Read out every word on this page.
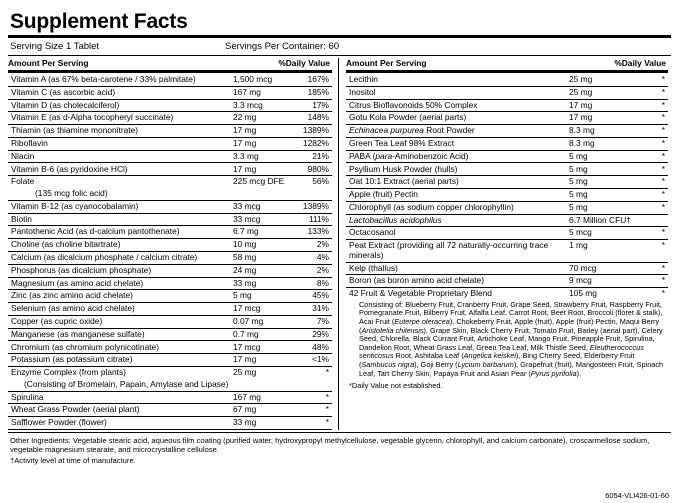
Supplement Facts
Serving Size 1 Tablet	Servings Per Container: 60
Amount Per Serving	%Daily Value
Vitamin A (as 67% beta-carotene / 33% palmitate)	1,500 mcg	167%
Vitamin C (as ascorbic acid)	167 mg	185%
Vitamin D (as cholecalciferol)	3.3 mcg	17%
Vitamin E (as d-Alpha tocopheryl succinate)	22 mg	148%
Thiamin (as thiamine mononitrate)	17 mg	1389%
Riboflavin	17 mg	1282%
Niacin	3.3 mg	21%
Vitamin B-6 (as pyridoxine HCl)	17 mg	980%
Folate	225 mcg DFE	56%
(135 mcg folic acid)		
Vitamin B-12 (as cyanocobalamin)	33 mcg	1389%
Biotin	33 mcg	111%
Pantothenic Acid (as d-calcium pantothenate)	6.7 mg	133%
Choline (as choline bitartrate)	10 mg	2%
Calcium (as dicalcium phosphate / calcium citrate)	58 mg	4%
Phosphorus (as dicalcium phosphate)	24 mg	2%
Magnesium (as amino acid chelate)	33 mg	8%
Zinc (as zinc amino acid chelate)	5 mg	45%
Selenium (as amino acid chelate)	17 mcg	31%
Copper (as cupric oxide)	0.07 mg	7%
Manganese (as manganese sulfate)	0.7 mg	29%
Chromium (as chromium polynicotinate)	17 mcg	48%
Potassium (as potassium citrate)	17 mg	<1%
Enzyme Complex (from plants)	25 mg	*
(Consisting of Bromelain, Papain, Amylase and Lipase)		
Spirulina	167 mg	*
Wheat Grass Powder (aerial plant)	67 mg	*
Safflower Powder (flower)	33 mg	*
Amount Per Serving	%Daily Value
Lecithin	25 mg	*
Inositol	25 mg	*
Citrus Bioflavonoids 50% Complex	17 mg	*
Gotu Kola Powder (aerial parts)	17 mg	*
Echinacea purpurea Root Powder	8.3 mg	*
Green Tea Leaf 98% Extract	8.3 mg	*
PABA (para-Aminobenzoic Acid)	5 mg	*
Psyllium Husk Powder (hulls)	5 mg	*
Oat 10:1 Extract (aerial parts)	5 mg	*
Apple (fruit) Pectin	5 mg	*
Chlorophyll (as sodium copper chlorophyllin)	5 mg	*
Lactobacillus acidophilus	6.7 Million CFU†	
Octacosanol	5 mcg	*
Peat Extract (providing all 72 naturally-occurring trace minerals)	1 mg	*
Kelp (thallus)	70 mcg	*
Boron (as boron amino acid chelate)	9 mcg	*
42 Fruit & Vegetable Proprietary Blend	105 mg	*
Consisting of: Blueberry Fruit, Cranberry Fruit, Grape Seed, Strawberry Fruit, Raspberry Fruit, Pomegranate Fruit, Bilberry Fruit, Alfalfa Leaf, Carrot Root, Beet Root, Broccoli (floret & stalk), Acai Fruit (Euterpe oleracea), Chokeberry Fruit, Apple (fruit), Apple (fruit) Pectin, Maqui Berry (Aristotelia chilensis), Grape Skin, Black Cherry Fruit, Tomato Fruit, Barley (aerial part), Celery Seed, Chlorella, Black Currant Fruit, Artichoke Leaf, Mango Fruit, Pineapple Fruit, Spirulina, Dandelion Root, Wheat Grass Leaf, Green Tea Leaf, Milk Thistle Seed, Eleutherococcus senticosus Root, Ashitaba Leaf (Angelica keiskei), Bing Cherry Seed, Elderberry Fruit (Sambucus nigra), Goji Berry (Lycium barbarum), Grapefruit (fruit), Mangosteen Fruit, Spinach Leaf, Tart Cherry Skin, Papaya Fruit and Asian Pear (Pyrus pyrifolia).		
*Daily Value not established.
Other Ingredients: Vegetable stearic acid, aqueous film coating (purified water, hydroxypropyl methylcellulose, vegetable glycerin, chlorophyll, and calcium carbonate), croscarmellose sodium, vegetable magnesium stearate, and microcrystalline cellulose.
†Activity level at time of manufacture.
6054-VLI426-01-60
